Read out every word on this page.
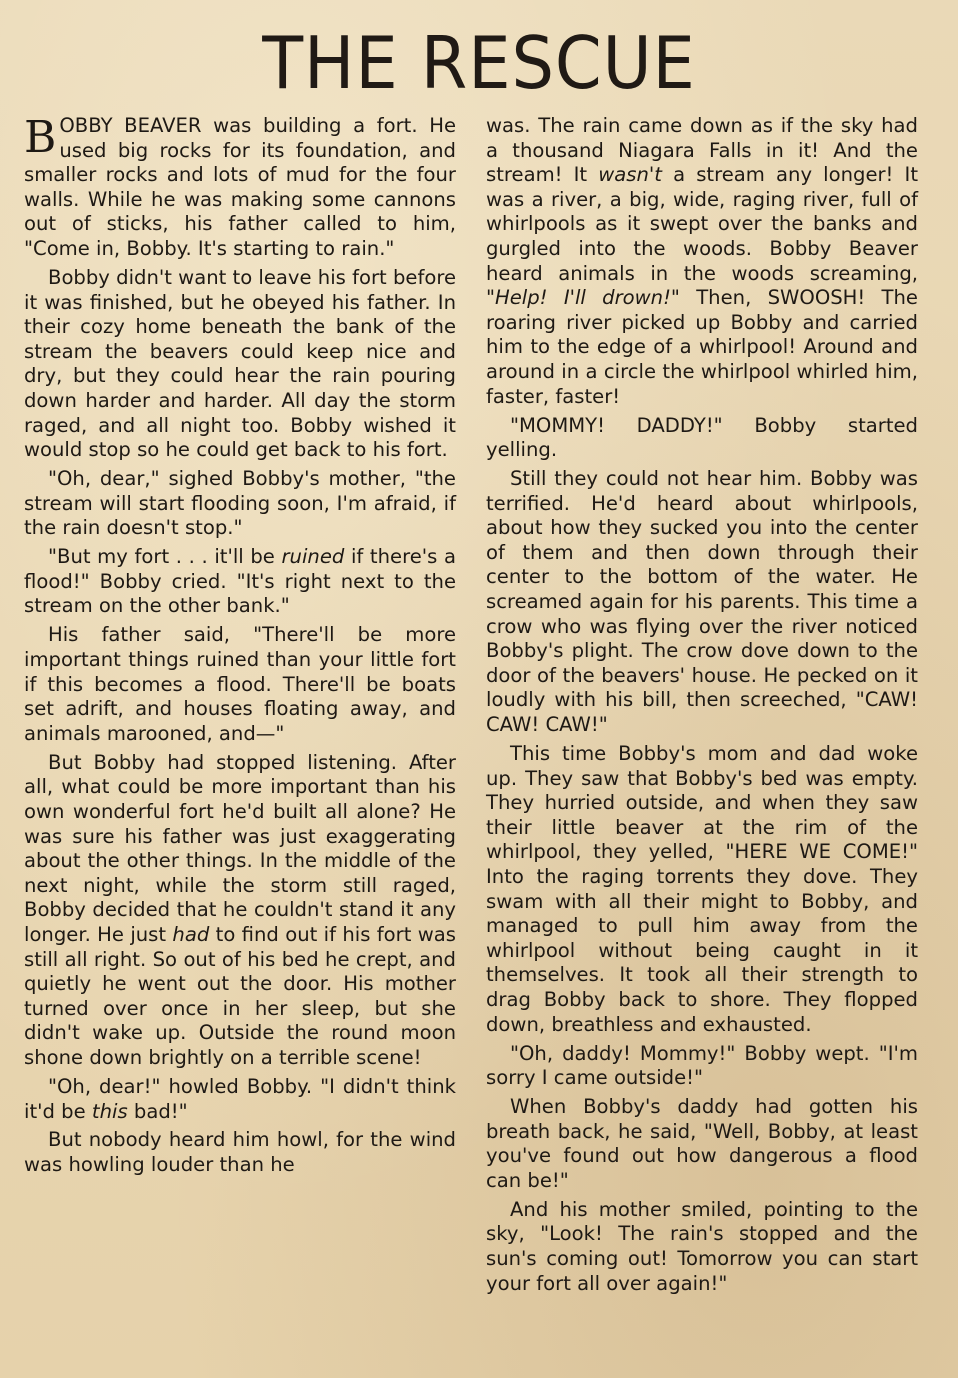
THE RESCUE

BOBBY BEAVER was building a fort. He used big rocks for its foundation, and smaller rocks and lots of mud for the four walls. While he was making some cannons out of sticks, his father called to him, "Come in, Bobby. It's starting to rain."

Bobby didn't want to leave his fort before it was finished, but he obeyed his father. In their cozy home beneath the bank of the stream the beavers could keep nice and dry, but they could hear the rain pouring down harder and harder. All day the storm raged, and all night too. Bobby wished it would stop so he could get back to his fort.

"Oh, dear," sighed Bobby's mother, "the stream will start flooding soon, I'm afraid, if the rain doesn't stop."

"But my fort . . . it'll be ruined if there's a flood!" Bobby cried. "It's right next to the stream on the other bank."

His father said, "There'll be more important things ruined than your little fort if this becomes a flood. There'll be boats set adrift, and houses floating away, and animals marooned, and—"

But Bobby had stopped listening. After all, what could be more important than his own wonderful fort he'd built all alone? He was sure his father was just exaggerating about the other things. In the middle of the next night, while the storm still raged, Bobby decided that he couldn't stand it any longer. He just had to find out if his fort was still all right. So out of his bed he crept, and quietly he went out the door. His mother turned over once in her sleep, but she didn't wake up. Outside the round moon shone down brightly on a terrible scene!

"Oh, dear!" howled Bobby. "I didn't think it'd be this bad!"

But nobody heard him howl, for the wind was howling louder than he

was. The rain came down as if the sky had a thousand Niagara Falls in it! And the stream! It wasn't a stream any longer! It was a river, a big, wide, raging river, full of whirlpools as it swept over the banks and gurgled into the woods. Bobby Beaver heard animals in the woods screaming, "Help! I'll drown!" Then, SWOOSH! The roaring river picked up Bobby and carried him to the edge of a whirlpool! Around and around in a circle the whirlpool whirled him, faster, faster!

"MOMMY! DADDY!" Bobby started yelling.

Still they could not hear him. Bobby was terrified. He'd heard about whirlpools, about how they sucked you into the center of them and then down through their center to the bottom of the water. He screamed again for his parents. This time a crow who was flying over the river noticed Bobby's plight. The crow dove down to the door of the beavers' house. He pecked on it loudly with his bill, then screeched, "CAW! CAW! CAW!"

This time Bobby's mom and dad woke up. They saw that Bobby's bed was empty. They hurried outside, and when they saw their little beaver at the rim of the whirlpool, they yelled, "HERE WE COME!" Into the raging torrents they dove. They swam with all their might to Bobby, and managed to pull him away from the whirlpool without being caught in it themselves. It took all their strength to drag Bobby back to shore. They flopped down, breathless and exhausted.

"Oh, daddy! Mommy!" Bobby wept. "I'm sorry I came outside!"

When Bobby's daddy had gotten his breath back, he said, "Well, Bobby, at least you've found out how dangerous a flood can be!"

And his mother smiled, pointing to the sky, "Look! The rain's stopped and the sun's coming out! Tomorrow you can start your fort all over again!"
